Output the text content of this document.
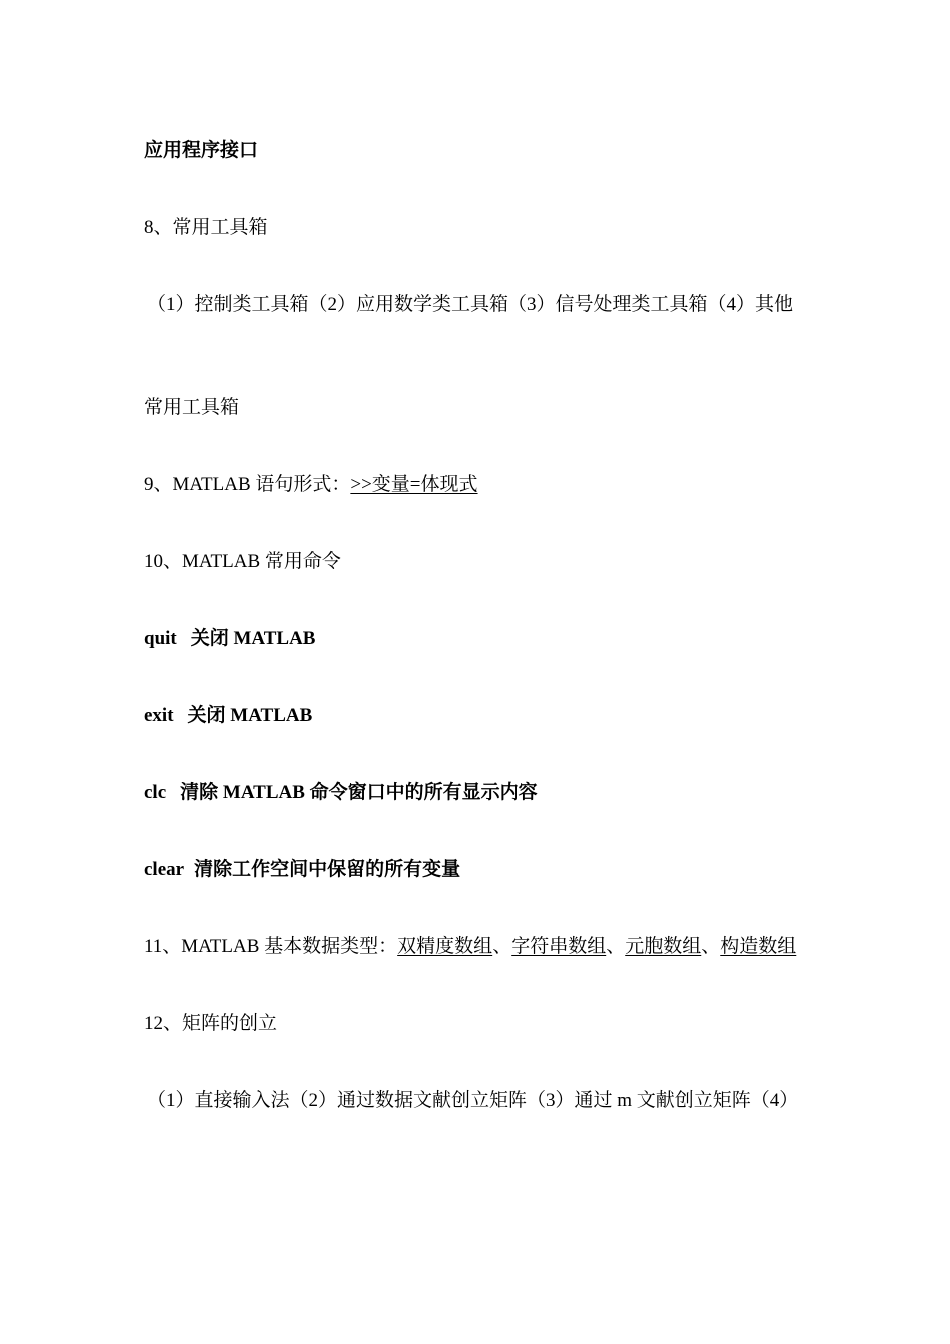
应用程序接口
8、常用工具箱
（1）控制类工具箱（2）应用数学类工具箱（3）信号处理类工具箱（4）其他
常用工具箱
9、MATLAB 语句形式：>>变量=体现式
10、MATLAB 常用命令
quit 关闭 MATLAB
exit 关闭 MATLAB
clc 清除 MATLAB 命令窗口中的所有显示内容
clear 清除工作空间中保留的所有变量
11、MATLAB 基本数据类型：双精度数组、字符串数组、元胞数组、构造数组
12、矩阵的创立
（1）直接输入法（2）通过数据文献创立矩阵（3）通过 m 文献创立矩阵（4）
